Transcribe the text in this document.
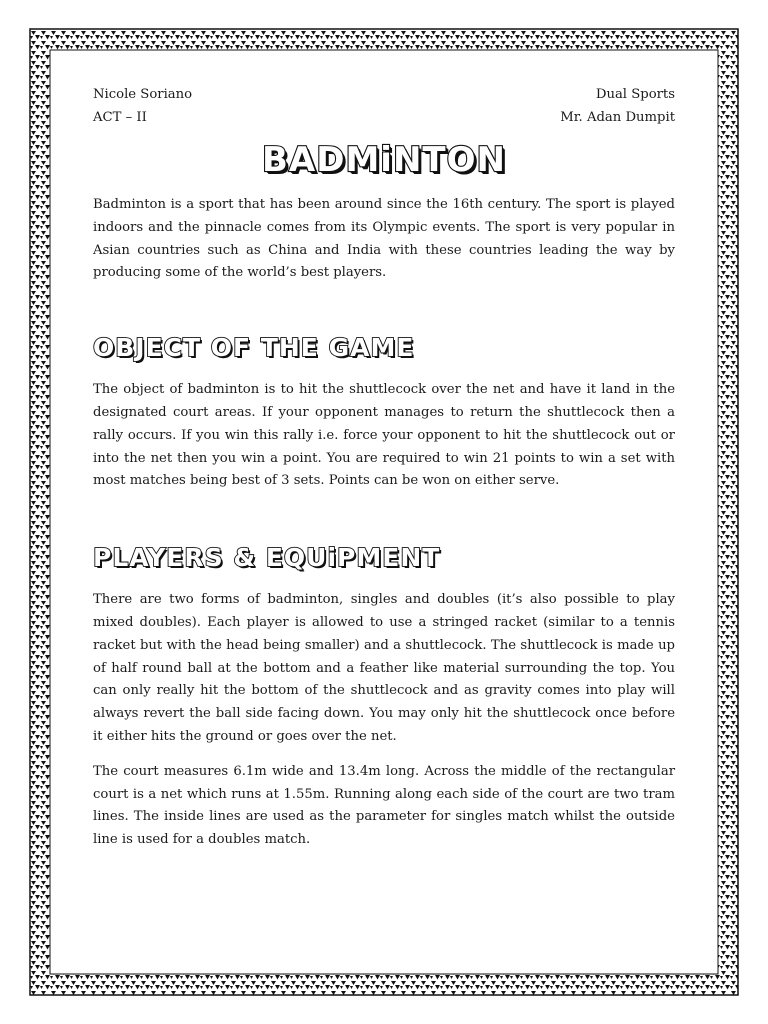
Nicole Soriano	Dual Sports
ACT – II	Mr. Adan Dumpit
BADMiNTON

Badminton is a sport that has been around since the 16th century. The sport is played indoors and the pinnacle comes from its Olympic events. The sport is very popular in Asian countries such as China and India with these countries leading the way by producing some of the world’s best players.

OBJECT OF THE GAME

The object of badminton is to hit the shuttlecock over the net and have it land in the designated court areas. If your opponent manages to return the shuttlecock then a rally occurs. If you win this rally i.e. force your opponent to hit the shuttlecock out or into the net then you win a point. You are required to win 21 points to win a set with most matches being best of 3 sets. Points can be won on either serve.

PLAYERS & EQUiPMENT

There are two forms of badminton, singles and doubles (it’s also possible to play mixed doubles). Each player is allowed to use a stringed racket (similar to a tennis racket but with the head being smaller) and a shuttlecock. The shuttlecock is made up of half round ball at the bottom and a feather like material surrounding the top. You can only really hit the bottom of the shuttlecock and as gravity comes into play will always revert the ball side facing down. You may only hit the shuttlecock once before it either hits the ground or goes over the net.

The court measures 6.1m wide and 13.4m long. Across the middle of the rectangular court is a net which runs at 1.55m. Running along each side of the court are two tram lines. The inside lines are used as the parameter for singles match whilst the outside line is used for a doubles match.
